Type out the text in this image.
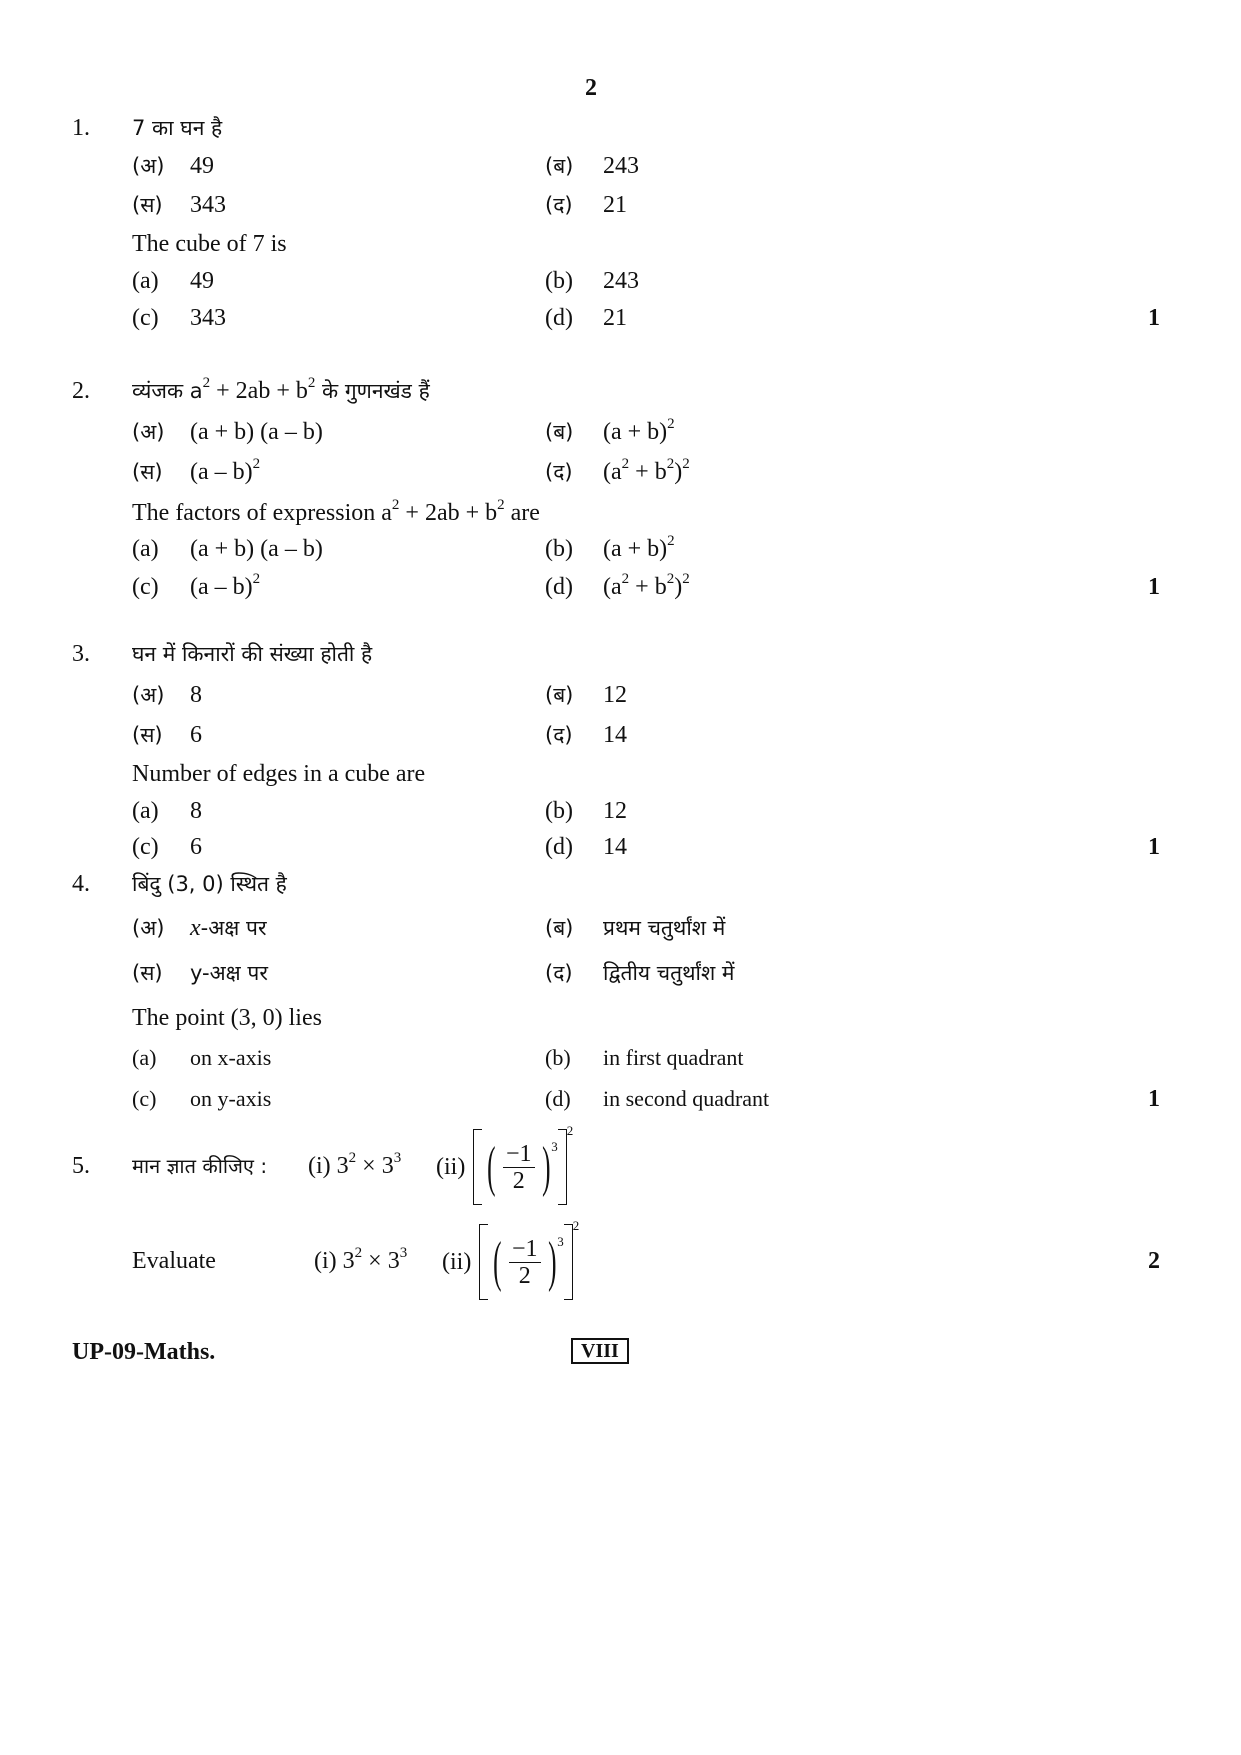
2
1. 7 का घन है
(अ) 49	(ब) 243
(स) 343	(द) 21
The cube of 7 is
(a) 49	(b) 243
(c) 343	(d) 21	1
2. व्यंजक $a^2 + 2ab + b^2$ के गुणनखंड हैं
(अ) (a + b) (a – b)	(ब) $(a + b)^2$
(स) (a – b)$^2$	(द) $(a^2 + b^2)^2$
The factors of expression $a^2 + 2ab + b^2$ are
(a) (a + b) (a – b)	(b) $(a + b)^2$
(c) (a – b)$^2$	(d) $(a^2 + b^2)^2$	1
3. घन में किनारों की संख्या होती है
(अ) 8	(ब) 12
(स) 6	(द) 14
Number of edges in a cube are
(a) 8	(b) 12
(c) 6	(d) 14	1
4. बिंदु (3, 0) स्थित है
(अ) x-अक्ष पर	(ब) प्रथम चतुर्थांश में
(स) y-अक्ष पर	(द) द्वितीय चतुर्थांश में
The point (3, 0) lies
(a) on x-axis	(b) in first quadrant
(c) on y-axis	(d) in second quadrant	1
5. मान ज्ञात कीजिए : (i) $3^2 \times 3^3$ (ii) ( $\frac{-1}{2}$ ) 3
2
Evaluate	(i) $3^2 \times 3^3$ (ii) ( $\frac{-1}{2}$ ) 3
2
2
UP-09-Maths.	VIII
